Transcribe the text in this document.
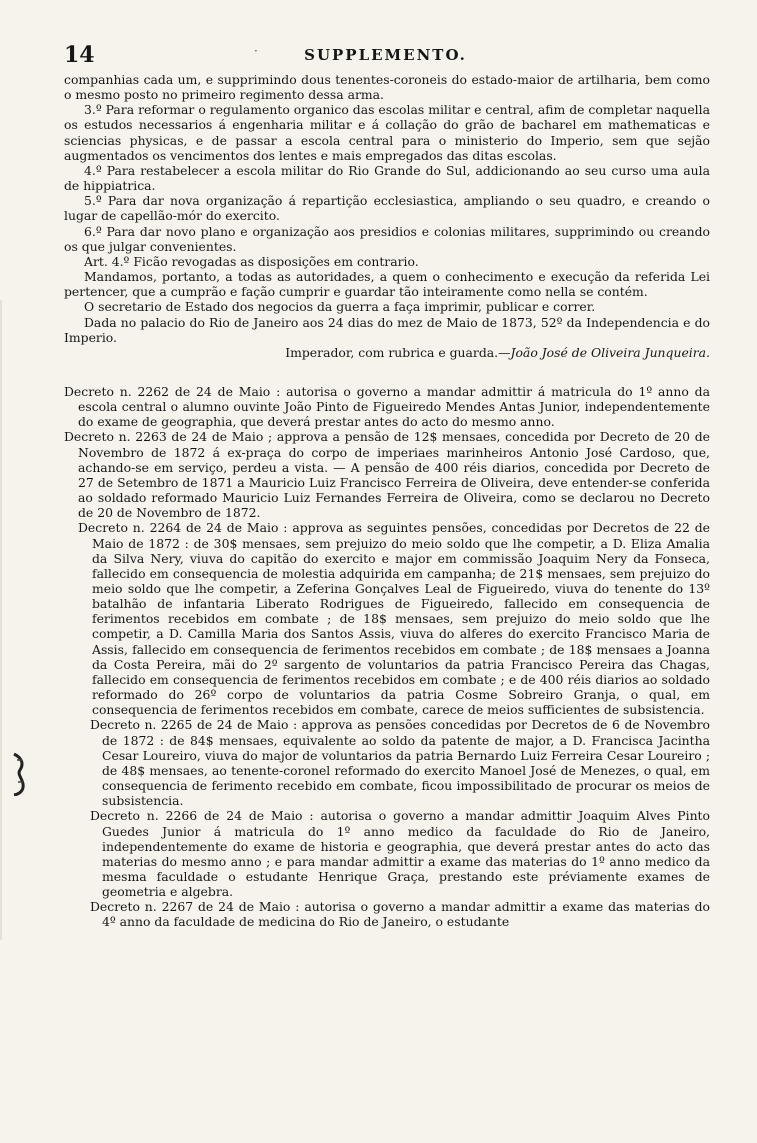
14	·	SUPPLEMENTO.

companhias cada um, e supprimindo dous tenentes-coroneis do estado-maior de artilharia, bem como o mesmo posto no primeiro regimento dessa arma.

3.º Para reformar o regulamento organico das escolas militar e central, afim de completar naquella os estudos necessarios á engenharia militar e á collação do grão de bacharel em mathematicas e sciencias physicas, e de passar a escola central para o ministerio do Imperio, sem que sejão augmentados os vencimentos dos lentes e mais empregados das ditas escolas.

4.º Para restabelecer a escola militar do Rio Grande do Sul, addicionando ao seu curso uma aula de hippiatrica.

5.º Para dar nova organização á repartição ecclesiastica, ampliando o seu quadro, e creando o lugar de capellão-mór do exercito.

6.º Para dar novo plano e organização aos presidios e colonias militares, supprimindo ou creando os que julgar convenientes.

Art. 4.º Ficão revogadas as disposições em contrario.

Mandamos, portanto, a todas as autoridades, a quem o conhecimento e execução da referida Lei pertencer, que a cumprão e fação cumprir e guardar tão inteiramente como nella se contém.

O secretario de Estado dos negocios da guerra a faça imprimir, publicar e correr.

Dada no palacio do Rio de Janeiro aos 24 dias do mez de Maio de 1873, 52º da Independencia e do Imperio.

Imperador, com rubrica e guarda.—João José de Oliveira Junqueira.

Decreto n. 2262 de 24 de Maio : autorisa o governo a mandar admittir á matricula do 1º anno da escola central o alumno ouvinte João Pinto de Figueiredo Mendes Antas Junior, independentemente do exame de geographia, que deverá prestar antes do acto do mesmo anno.

Decreto n. 2263 de 24 de Maio ; approva a pensão de 12$ mensaes, concedida por Decreto de 20 de Novembro de 1872 á ex-praça do corpo de imperiaes marinheiros Antonio José Cardoso, que, achando-se em serviço, perdeu a vista. — A pensão de 400 réis diarios, concedida por Decreto de 27 de Setembro de 1871 a Mauricio Luiz Francisco Ferreira de Oliveira, deve entender-se conferida ao soldado reformado Mauricio Luiz Fernandes Ferreira de Oliveira, como se declarou no Decreto de 20 de Novembro de 1872.

Decreto n. 2264 de 24 de Maio : approva as seguintes pensões, concedidas por Decretos de 22 de Maio de 1872 : de 30$ mensaes, sem prejuizo do meio soldo que lhe competir, a D. Eliza Amalia da Silva Nery, viuva do capitão do exercito e major em commissão Joaquim Nery da Fonseca, fallecido em consequencia de molestia adquirida em campanha; de 21$ mensaes, sem prejuizo do meio soldo que lhe competir, a Zeferina Gonçalves Leal de Figueiredo, viuva do tenente do 13º batalhão de infantaria Liberato Rodrigues de Figueiredo, fallecido em consequencia de ferimentos recebidos em combate ; de 18$ mensaes, sem prejuizo do meio soldo que lhe competir, a D. Camilla Maria dos Santos Assis, viuva do alferes do exercito Francisco Maria de Assis, fallecido em consequencia de ferimentos recebidos em combate ; de 18$ mensaes a Joanna da Costa Pereira, mãi do 2º sargento de voluntarios da patria Francisco Pereira das Chagas, fallecido em consequencia de ferimentos recebidos em combate ; e de 400 réis diarios ao soldado reformado do 26º corpo de voluntarios da patria Cosme Sobreiro Granja, o qual, em consequencia de ferimentos recebidos em combate, carece de meios sufficientes de subsistencia.

Decreto n. 2265 de 24 de Maio : approva as pensões concedidas por Decretos de 6 de Novembro de 1872 : de 84$ mensaes, equivalente ao soldo da patente de major, a D. Francisca Jacintha Cesar Loureiro, viuva do major de voluntarios da patria Bernardo Luiz Ferreira Cesar Loureiro ; de 48$ mensaes, ao tenente-coronel reformado do exercito Manoel José de Menezes, o qual, em consequencia de ferimento recebido em combate, ficou impossibilitado de procurar os meios de subsistencia.

Decreto n. 2266 de 24 de Maio : autorisa o governo a mandar admittir Joaquim Alves Pinto Guedes Junior á matricula do 1º anno medico da faculdade do Rio de Janeiro, independentemente do exame de historia e geographia, que deverá prestar antes do acto das materias do mesmo anno ; e para mandar admittir a exame das materias do 1º anno medico da mesma faculdade o estudante Henrique Graça, prestando este préviamente exames de geometria e algebra.

Decreto n. 2267 de 24 de Maio : autorisa o governo a mandar admittir a exame das materias do 4º anno da faculdade de medicina do Rio de Janeiro, o estudante
